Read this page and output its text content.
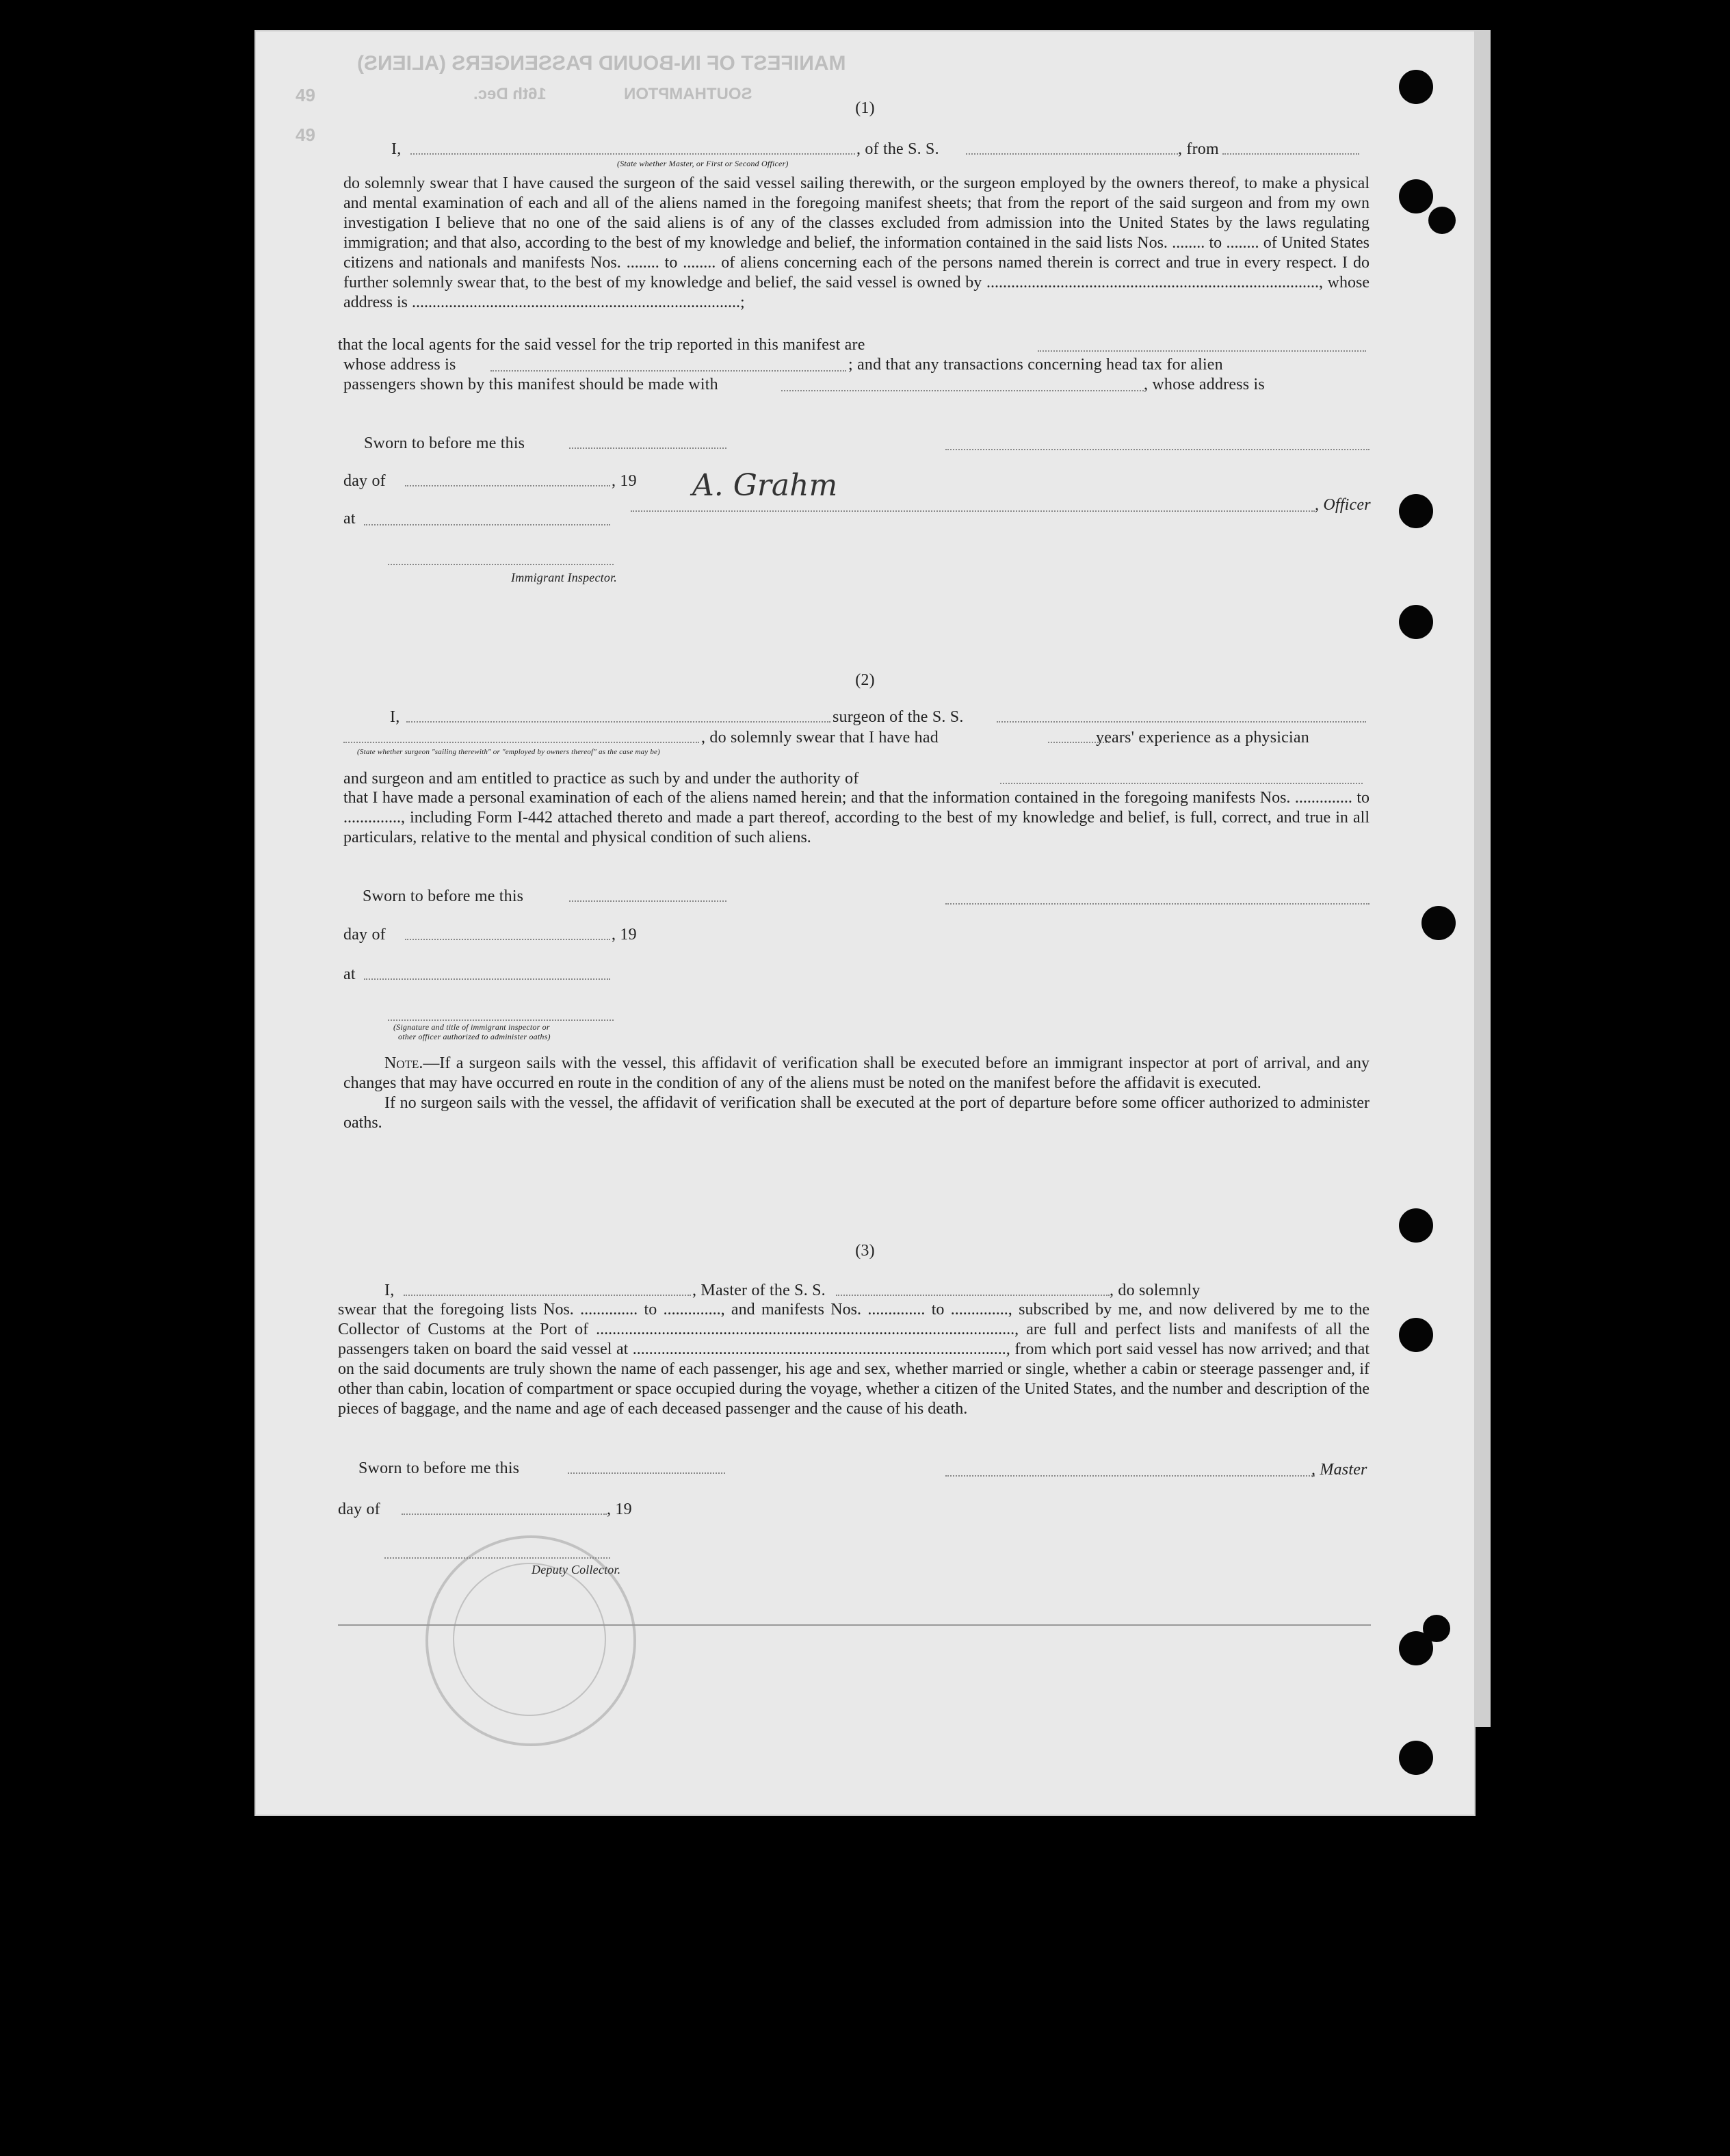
MANIFEST OF IN-BOUND PASSENGERS (ALIENS)
SOUTHAMPTON
16th Dec.
49
49
(1)
I,	, of the S. S.	, from
(State whether Master, or First or Second Officer)

do solemnly swear that I have caused the surgeon of the said vessel sailing therewith, or the surgeon employed by the owners thereof, to make a physical and mental examination of each and all of the aliens named in the foregoing manifest sheets; that from the report of the said surgeon and from my own investigation I believe that no one of the said aliens is of any of the classes excluded from admission into the United States by the laws regulating immigration; and that also, according to the best of my knowledge and belief, the information contained in the said lists Nos. ........ to ........ of United States citizens and nationals and manifests Nos. ........ to ........ of aliens concerning each of the persons named therein is correct and true in every respect. I do further solemnly swear that, to the best of my knowledge and belief, the said vessel is owned by ................................................................................., whose address is ................................................................................;

that the local agents for the said vessel for the trip reported in this manifest are
whose address is	; and that any transactions concerning head tax for alien
passengers shown by this manifest should be made with	, whose address is
Sworn to before me this
day of	, 19 A. Grahm
, Officer
at
Immigrant Inspector.
(2)
I,	surgeon of the S. S.
, do solemnly swear that I have had	years' experience as a physician
(State whether surgeon "sailing therewith" or "employed by owners thereof" as the case may be)
and surgeon and am entitled to practice as such by and under the authority of

that I have made a personal examination of each of the aliens named herein; and that the information contained in the foregoing manifests Nos. .............. to .............., including Form I-442 attached thereto and made a part thereof, according to the best of my knowledge and belief, is full, correct, and true in all particulars, relative to the mental and physical condition of such aliens.

Sworn to before me this
day of	, 19
at
(Signature and title of immigrant inspector or
other officer authorized to administer oaths)

Note.—If a surgeon sails with the vessel, this affidavit of verification shall be executed before an immigrant inspector at port of arrival, and any changes that may have occurred en route in the condition of any of the aliens must be noted on the manifest before the affidavit is executed.

If no surgeon sails with the vessel, the affidavit of verification shall be executed at the port of departure before some officer authorized to administer oaths.

(3)
I,	, Master of the S. S.	, do solemnly

swear that the foregoing lists Nos. .............. to .............., and manifests Nos. .............. to .............., subscribed by me, and now delivered by me to the Collector of Customs at the Port of ......................................................................................................, are full and perfect lists and manifests of all the passengers taken on board the said vessel at ..........................................................................................., from which port said vessel has now arrived; and that on the said documents are truly shown the name of each passenger, his age and sex, whether married or single, whether a cabin or steerage passenger and, if other than cabin, location of compartment or space occupied during the voyage, whether a citizen of the United States, and the number and description of the pieces of baggage, and the name and age of each deceased passenger and the cause of his death.

Sworn to before me this	, Master
day of	, 19
Deputy Collector.
